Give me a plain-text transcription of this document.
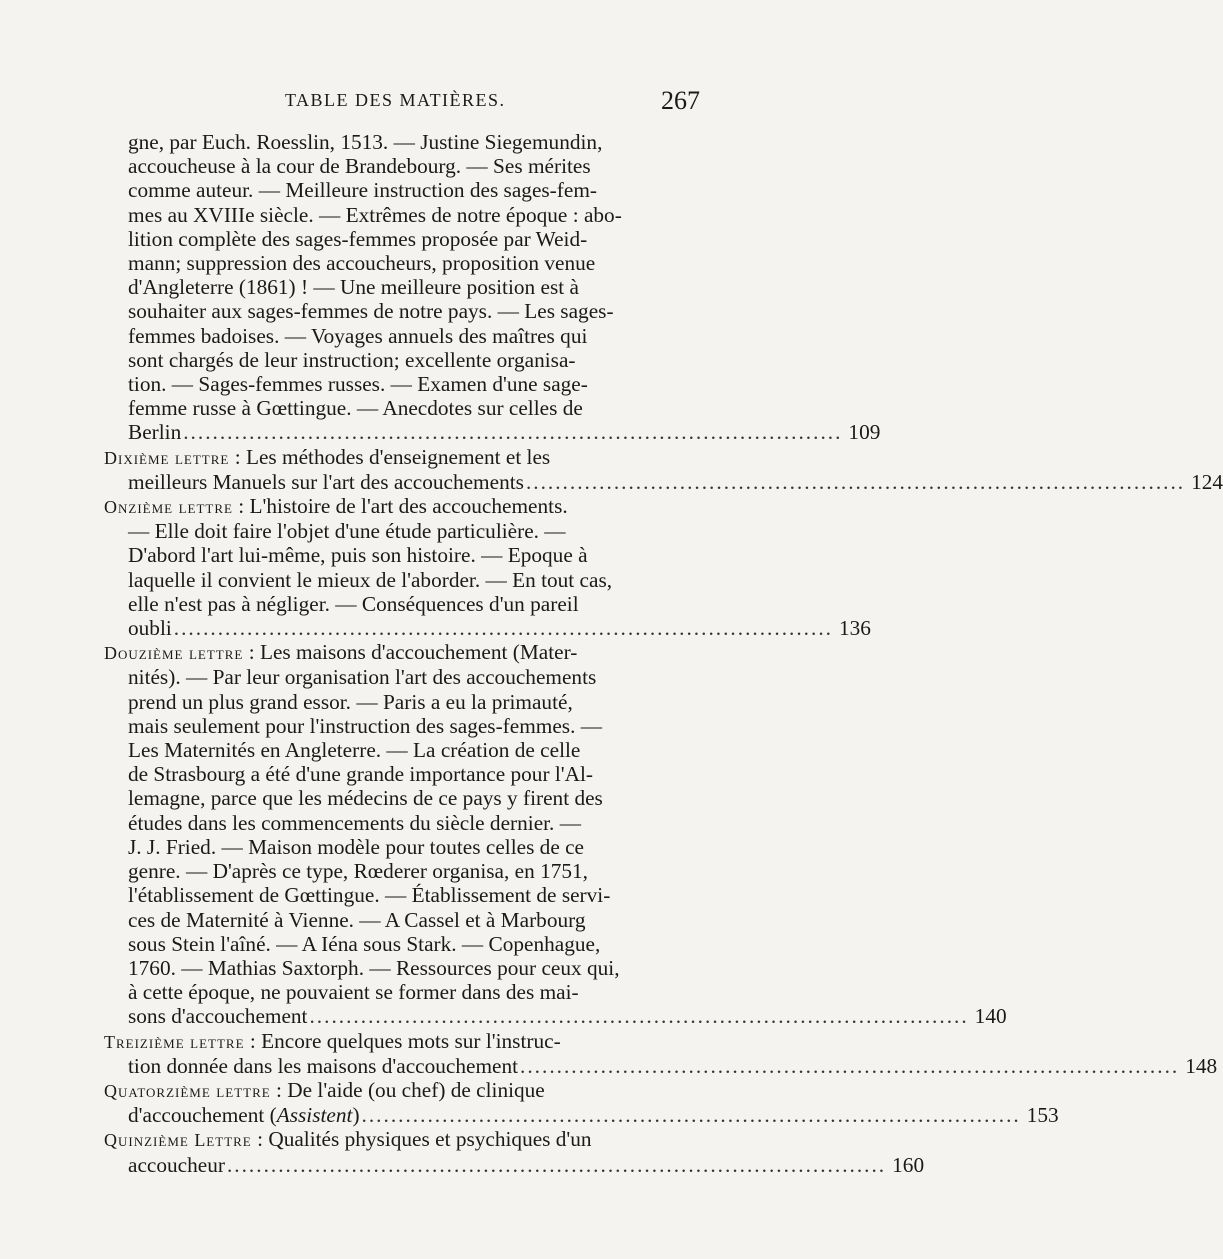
TABLE DES MATIÈRES.	267
gne, par Euch. Roesslin, 1513. — Justine Siegemundin,
accoucheuse à la cour de Brandebourg. — Ses mérites
comme auteur. — Meilleure instruction des sages-fem-
mes au XVIIIe siècle. — Extrêmes de notre époque : abo-
lition complète des sages-femmes proposée par Weid-
mann; suppression des accoucheurs, proposition venue
d'Angleterre (1861) ! — Une meilleure position est à
souhaiter aux sages-femmes de notre pays. — Les sages-
femmes badoises. — Voyages annuels des maîtres qui
sont chargés de leur instruction; excellente organisa-
tion. — Sages-femmes russes. — Examen d'une sage-
femme russe à Gœttingue. — Anecdotes sur celles de
Berlin .......................................................................................... 109
Dixième lettre : Les méthodes d'enseignement et les
meilleurs Manuels sur l'art des accouchements .......................................................................................... 124
Onzième lettre : L'histoire de l'art des accouchements.
— Elle doit faire l'objet d'une étude particulière. —
D'abord l'art lui-même, puis son histoire. — Epoque à
laquelle il convient le mieux de l'aborder. — En tout cas,
elle n'est pas à négliger. — Conséquences d'un pareil
oubli .......................................................................................... 136
Douzième lettre : Les maisons d'accouchement (Mater-
nités). — Par leur organisation l'art des accouchements
prend un plus grand essor. — Paris a eu la primauté,
mais seulement pour l'instruction des sages-femmes. —
Les Maternités en Angleterre. — La création de celle
de Strasbourg a été d'une grande importance pour l'Al-
lemagne, parce que les médecins de ce pays y firent des
études dans les commencements du siècle dernier. —
J. J. Fried. — Maison modèle pour toutes celles de ce
genre. — D'après ce type, Rœderer organisa, en 1751,
l'établissement de Gœttingue. — Établissement de servi-
ces de Maternité à Vienne. — A Cassel et à Marbourg
sous Stein l'aîné. — A Iéna sous Stark. — Copenhague,
1760. — Mathias Saxtorph. — Ressources pour ceux qui,
à cette époque, ne pouvaient se former dans des mai-
sons d'accouchement .......................................................................................... 140
Treizième lettre : Encore quelques mots sur l'instruc-
tion donnée dans les maisons d'accouchement .......................................................................................... 148
Quatorzième lettre : De l'aide (ou chef) de clinique
d'accouchement (Assistent) .......................................................................................... 153
Quinzième Lettre : Qualités physiques et psychiques d'un
accoucheur .......................................................................................... 160
